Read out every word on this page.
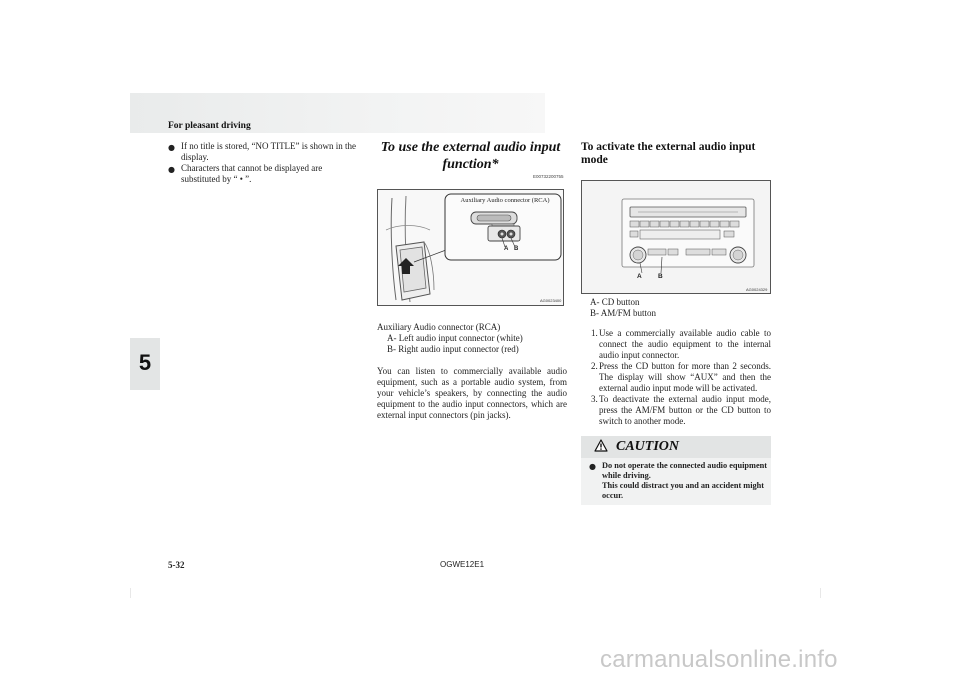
For pleasant driving
5
● If no title is stored, “NO TITLE” is shown in the display.
● Characters that cannot be displayed are substituted by “ • ”.
To use the external audio input function*
E00732200755
Auxiliary Audio connector (RCA)
A B
AG0023400
Auxiliary Audio connector (RCA)
A- Left audio input connector (white)
B- Right audio input connector (red)
You can listen to commercially available audio equipment, such as a portable audio system, from your vehicle’s speakers, by connecting the audio equipment to the audio input connectors, which are external input connectors (pin jacks).
To activate the external audio input mode
A	B
AG0024329
A- CD button
B- AM/FM button
1. Use a commercially available audio cable to connect the audio equipment to the internal audio input connector.
2. Press the CD button for more than 2 seconds. The display will show “AUX” and then the external audio input mode will be activated.
3. To deactivate the external audio input mode, press the AM/FM button or the CD button to switch to another mode.
CAUTION
● Do not operate the connected audio equipment while driving.
This could distract you and an accident might occur.
5-32	OGWE12E1
carmanualsonline.info
